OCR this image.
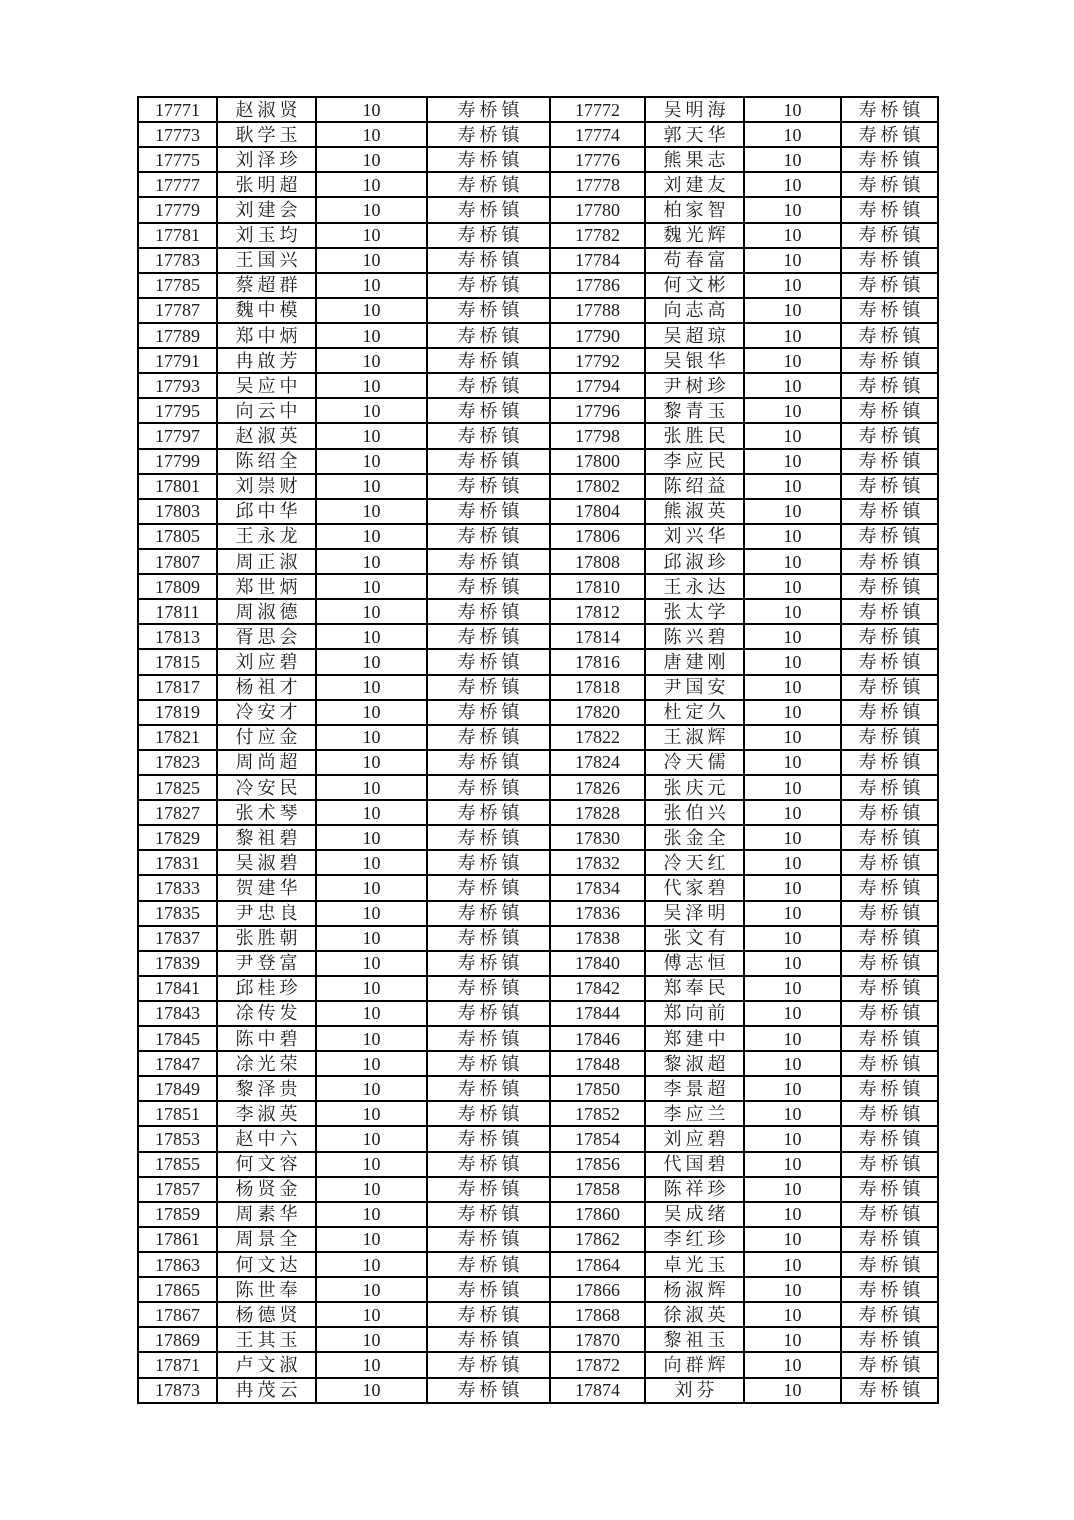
17771	赵淑贤	10	寿桥镇	17772	吴明海	10	寿桥镇
17773	耿学玉	10	寿桥镇	17774	郭天华	10	寿桥镇
17775	刘泽珍	10	寿桥镇	17776	熊果志	10	寿桥镇
17777	张明超	10	寿桥镇	17778	刘建友	10	寿桥镇
17779	刘建会	10	寿桥镇	17780	柏家智	10	寿桥镇
17781	刘玉均	10	寿桥镇	17782	魏光辉	10	寿桥镇
17783	王国兴	10	寿桥镇	17784	苟春富	10	寿桥镇
17785	蔡超群	10	寿桥镇	17786	何文彬	10	寿桥镇
17787	魏中模	10	寿桥镇	17788	向志高	10	寿桥镇
17789	郑中炳	10	寿桥镇	17790	吴超琼	10	寿桥镇
17791	冉啟芳	10	寿桥镇	17792	吴银华	10	寿桥镇
17793	吴应中	10	寿桥镇	17794	尹树珍	10	寿桥镇
17795	向云中	10	寿桥镇	17796	黎青玉	10	寿桥镇
17797	赵淑英	10	寿桥镇	17798	张胜民	10	寿桥镇
17799	陈绍全	10	寿桥镇	17800	李应民	10	寿桥镇
17801	刘崇财	10	寿桥镇	17802	陈绍益	10	寿桥镇
17803	邱中华	10	寿桥镇	17804	熊淑英	10	寿桥镇
17805	王永龙	10	寿桥镇	17806	刘兴华	10	寿桥镇
17807	周正淑	10	寿桥镇	17808	邱淑珍	10	寿桥镇
17809	郑世炳	10	寿桥镇	17810	王永达	10	寿桥镇
17811	周淑德	10	寿桥镇	17812	张太学	10	寿桥镇
17813	胥思会	10	寿桥镇	17814	陈兴碧	10	寿桥镇
17815	刘应碧	10	寿桥镇	17816	唐建刚	10	寿桥镇
17817	杨祖才	10	寿桥镇	17818	尹国安	10	寿桥镇
17819	冷安才	10	寿桥镇	17820	杜定久	10	寿桥镇
17821	付应金	10	寿桥镇	17822	王淑辉	10	寿桥镇
17823	周尚超	10	寿桥镇	17824	冷天儒	10	寿桥镇
17825	冷安民	10	寿桥镇	17826	张庆元	10	寿桥镇
17827	张术琴	10	寿桥镇	17828	张伯兴	10	寿桥镇
17829	黎祖碧	10	寿桥镇	17830	张金全	10	寿桥镇
17831	吴淑碧	10	寿桥镇	17832	冷天红	10	寿桥镇
17833	贺建华	10	寿桥镇	17834	代家碧	10	寿桥镇
17835	尹忠良	10	寿桥镇	17836	吴泽明	10	寿桥镇
17837	张胜朝	10	寿桥镇	17838	张文有	10	寿桥镇
17839	尹登富	10	寿桥镇	17840	傅志恒	10	寿桥镇
17841	邱桂珍	10	寿桥镇	17842	郑奉民	10	寿桥镇
17843	凃传发	10	寿桥镇	17844	郑向前	10	寿桥镇
17845	陈中碧	10	寿桥镇	17846	郑建中	10	寿桥镇
17847	凃光荣	10	寿桥镇	17848	黎淑超	10	寿桥镇
17849	黎泽贵	10	寿桥镇	17850	李景超	10	寿桥镇
17851	李淑英	10	寿桥镇	17852	李应兰	10	寿桥镇
17853	赵中六	10	寿桥镇	17854	刘应碧	10	寿桥镇
17855	何文容	10	寿桥镇	17856	代国碧	10	寿桥镇
17857	杨贤金	10	寿桥镇	17858	陈祥珍	10	寿桥镇
17859	周素华	10	寿桥镇	17860	吴成绪	10	寿桥镇
17861	周景全	10	寿桥镇	17862	李红珍	10	寿桥镇
17863	何文达	10	寿桥镇	17864	卓光玉	10	寿桥镇
17865	陈世奉	10	寿桥镇	17866	杨淑辉	10	寿桥镇
17867	杨德贤	10	寿桥镇	17868	徐淑英	10	寿桥镇
17869	王其玉	10	寿桥镇	17870	黎祖玉	10	寿桥镇
17871	卢文淑	10	寿桥镇	17872	向群辉	10	寿桥镇
17873	冉茂云	10	寿桥镇	17874	刘芬	10	寿桥镇
